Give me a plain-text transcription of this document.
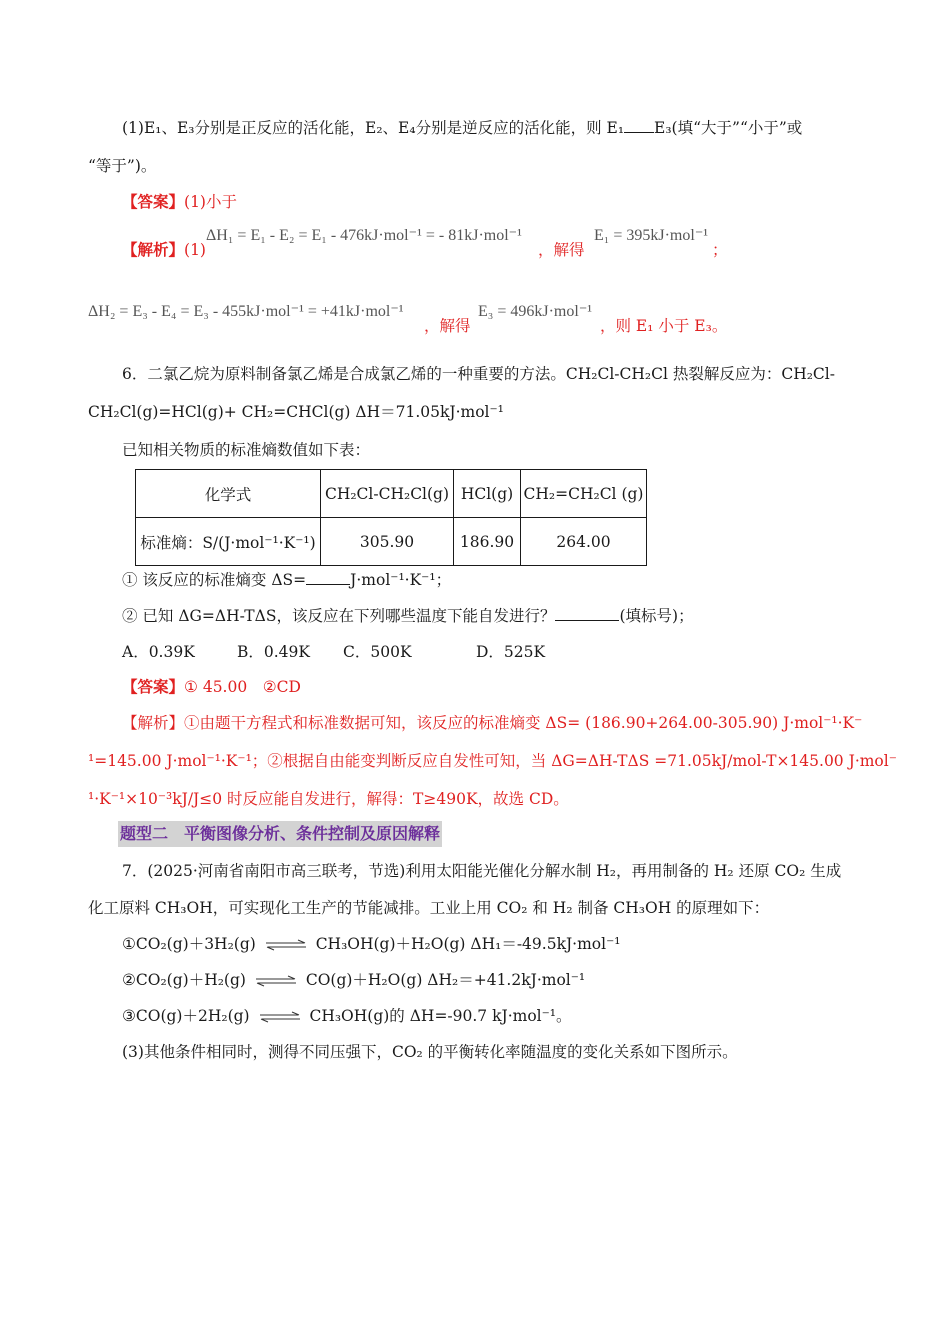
(1)E₁、E₃分别是正反应的活化能，E₂、E₄分别是逆反应的活化能，则 E₁ E₃(填“大于”“小于”或
“等于”)。
【答案】(1)小于
【解析】(1)
ΔH₁ = E₁ - E₂ = E₁ - 476kJ·mol⁻¹ = - 81kJ·mol⁻¹
，解得
E₁ = 395kJ·mol⁻¹
；
ΔH₂ = E₃ - E₄ = E₃ - 455kJ·mol⁻¹ = +41kJ·mol⁻¹
，解得
E₃ = 496kJ·mol⁻¹
，则 E₁ 小于 E₃。
6．二氯乙烷为原料制备氯乙烯是合成氯乙烯的一种重要的方法。CH₂Cl-CH₂Cl 热裂解反应为：CH₂Cl-
CH₂Cl(g)=HCl(g)+ CH₂=CHCl(g) ΔH＝71.05kJ·mol⁻¹
已知相关物质的标准熵数值如下表：
化学式	CH₂Cl-CH₂Cl(g)	HCl(g)	CH₂=CH₂Cl (g)
标准熵：S/(J·mol⁻¹·K⁻¹)	305.90	186.90	264.00
① 该反应的标准熵变 ΔS=	J·mol⁻¹·K⁻¹；
② 已知 ΔG=ΔH-TΔS，该反应在下列哪些温度下能自发进行？	(填标号)；
A．0.39K	B．0.49K C．500K	D．525K
【答案】① 45.00　②CD
【解析】①由题干方程式和标准数据可知，该反应的标准熵变 ΔS= (186.90+264.00-305.90) J·mol⁻¹·K⁻
¹=145.00 J·mol⁻¹·K⁻¹；②根据自由能变判断反应自发性可知，当 ΔG=ΔH-TΔS =71.05kJ/mol-T×145.00 J·mol⁻
¹·K⁻¹×10⁻³kJ/J≤0 时反应能自发进行，解得：T≥490K，故选 CD。
题型二　平衡图像分析、条件控制及原因解释
7．(2025·河南省南阳市高三联考，节选)利用太阳能光催化分解水制 H₂，再用制备的 H₂ 还原 CO₂ 生成
化工原料 CH₃OH，可实现化工生产的节能减排。工业上用 CO₂ 和 H₂ 制备 CH₃OH 的原理如下：
①CO₂(g)＋3H₂(g) ⇌ CH₃OH(g)＋H₂O(g) ΔH₁＝-49.5kJ·mol⁻¹
②CO₂(g)＋H₂(g) ⇌ CO(g)＋H₂O(g) ΔH₂＝+41.2kJ·mol⁻¹
③CO(g)＋2H₂(g) ⇌ CH₃OH(g)的 ΔH=-90.7 kJ·mol⁻¹。
(3)其他条件相同时，测得不同压强下，CO₂ 的平衡转化率随温度的变化关系如下图所示。
